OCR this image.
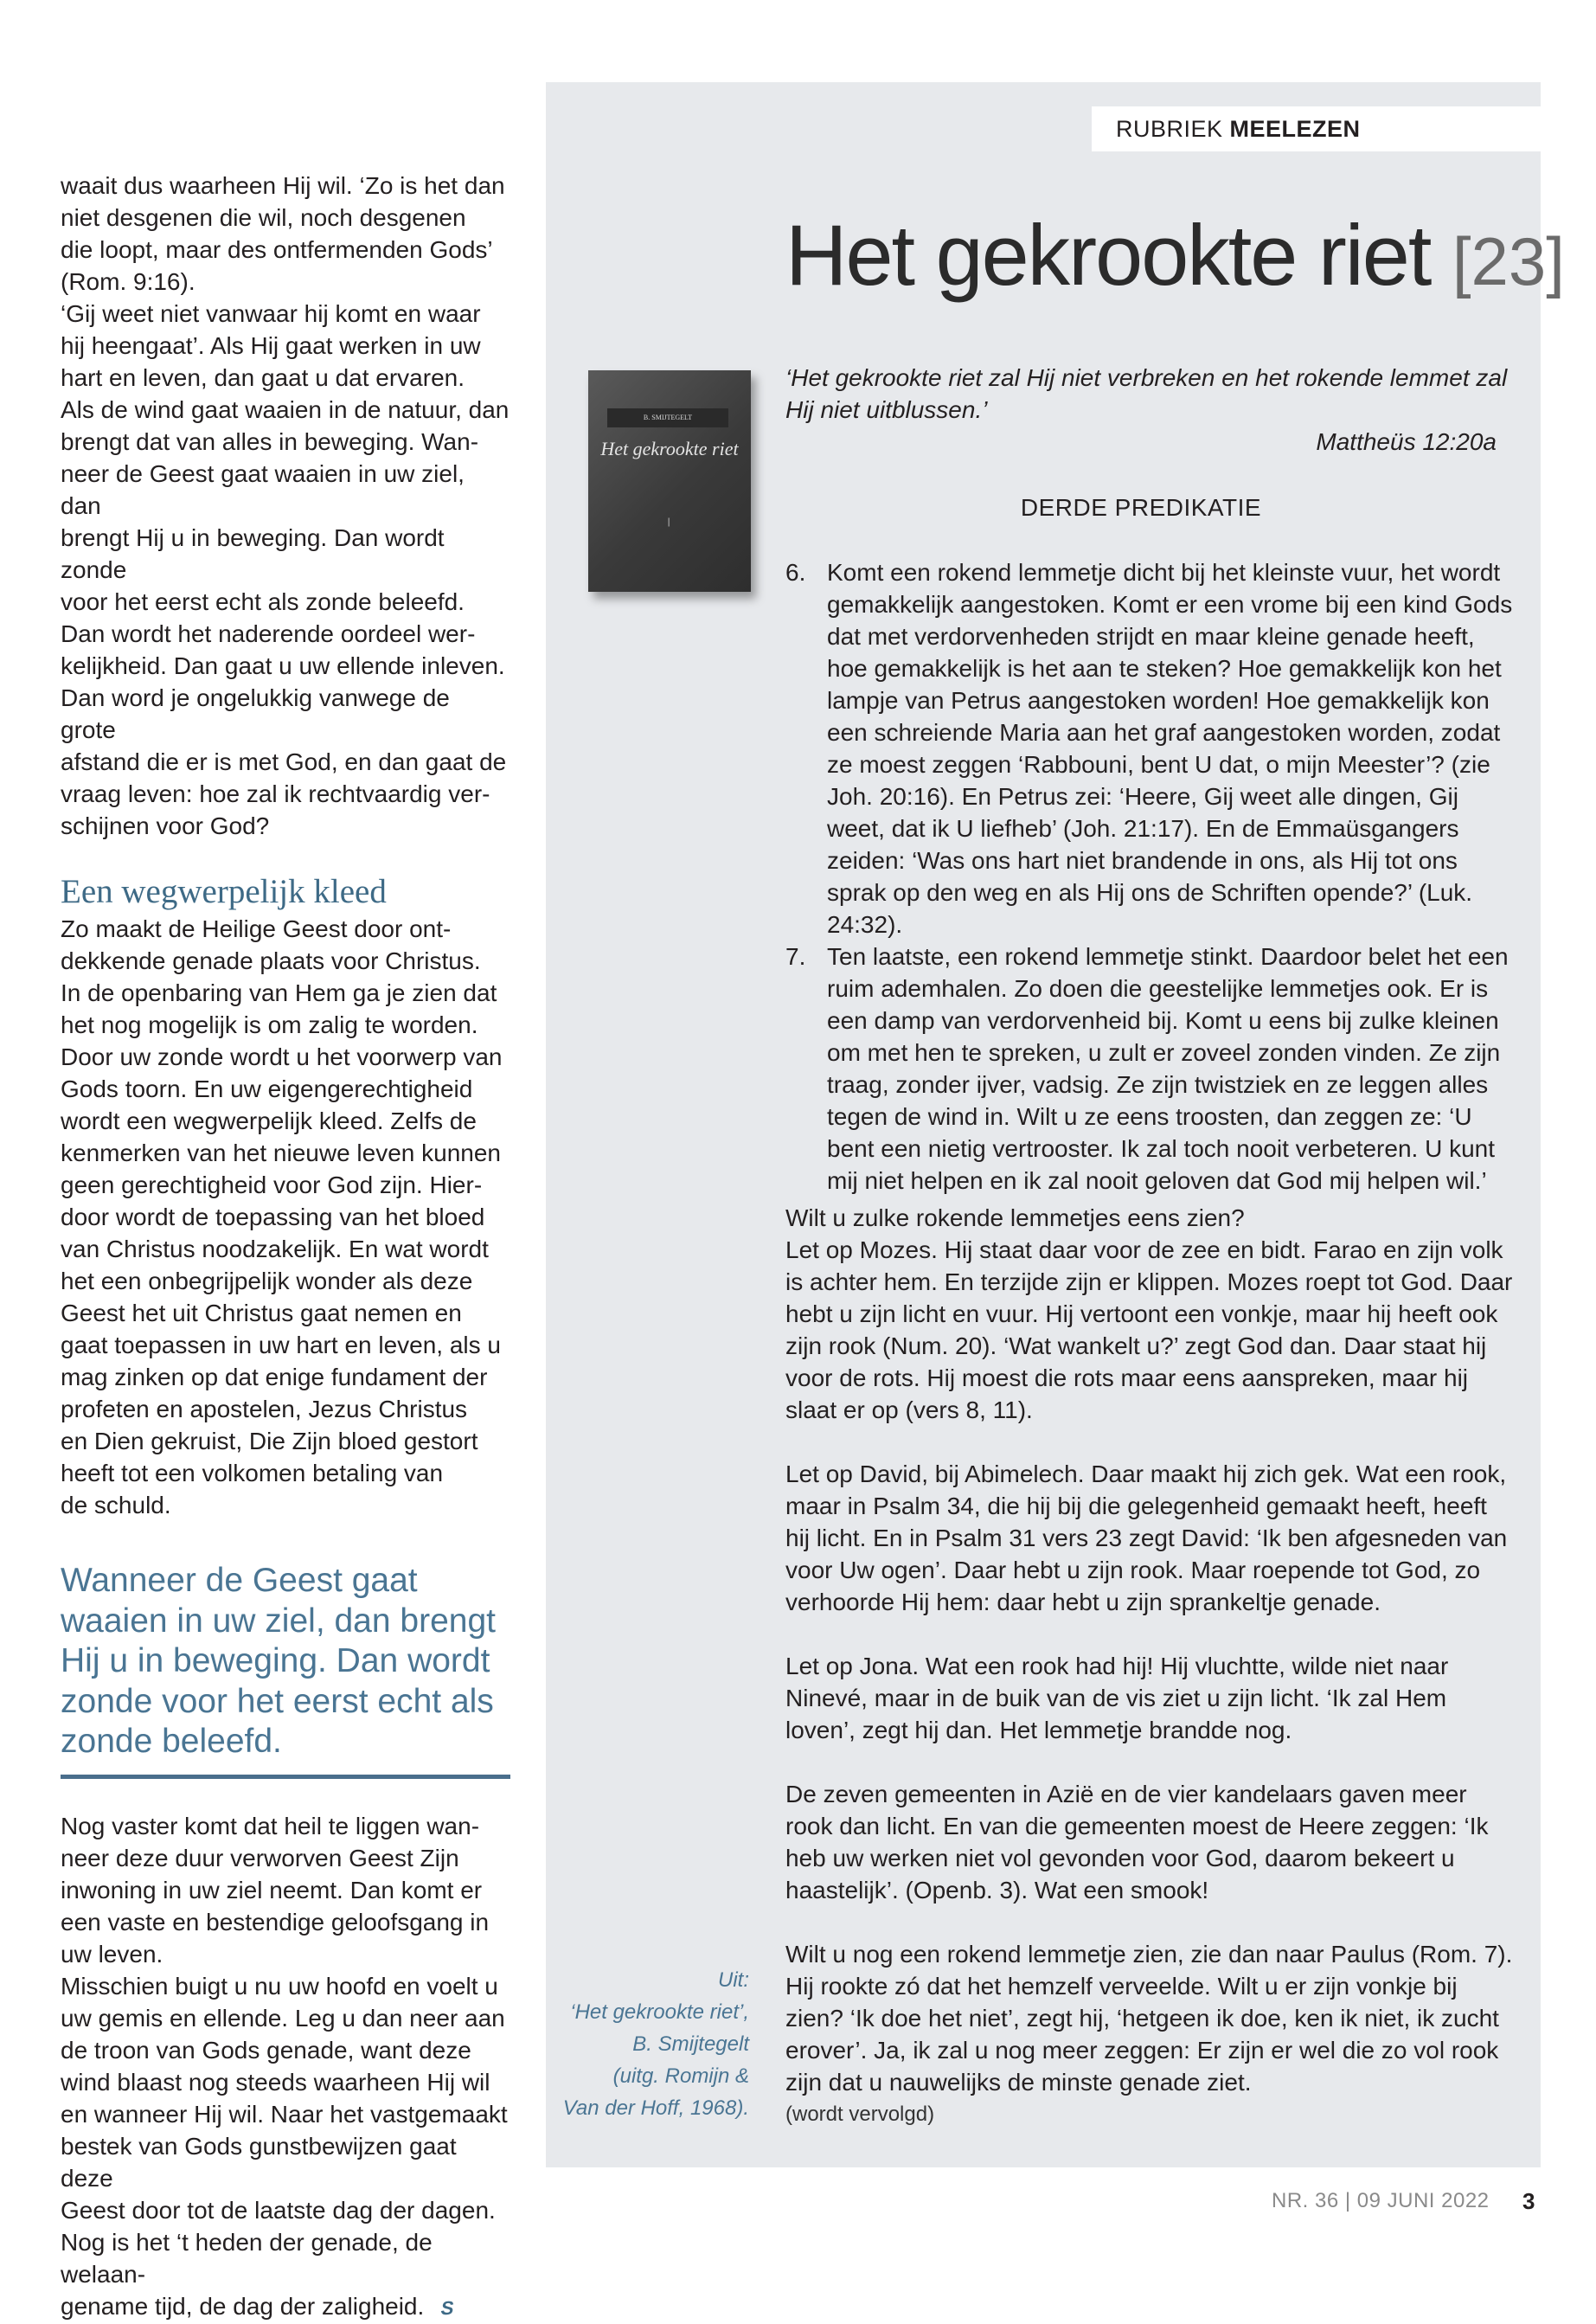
waait dus waarheen Hij wil. ‘Zo is het dan
niet desgenen die wil, noch desgenen
die loopt, maar des ontfermenden Gods’
(Rom. 9:16).
‘Gij weet niet vanwaar hij komt en waar
hij heengaat’. Als Hij gaat werken in uw
hart en leven, dan gaat u dat ervaren.
Als de wind gaat waaien in de natuur, dan
brengt dat van alles in beweging. Wan-
neer de Geest gaat waaien in uw ziel, dan
brengt Hij u in beweging. Dan wordt zonde
voor het eerst echt als zonde beleefd.
Dan wordt het naderende oordeel wer-
kelijkheid. Dan gaat u uw ellende inleven.
Dan word je ongelukkig vanwege de grote
afstand die er is met God, en dan gaat de
vraag leven: hoe zal ik rechtvaardig ver-
schijnen voor God?

Een wegwerpelijk kleed

Zo maakt de Heilige Geest door ont-
dekkende genade plaats voor Christus.
In de openbaring van Hem ga je zien dat
het nog mogelijk is om zalig te worden.
Door uw zonde wordt u het voorwerp van
Gods toorn. En uw eigengerechtigheid
wordt een wegwerpelijk kleed. Zelfs de
kenmerken van het nieuwe leven kunnen
geen gerechtigheid voor God zijn. Hier-
door wordt de toepassing van het bloed
van Christus noodzakelijk. En wat wordt
het een onbegrijpelijk wonder als deze
Geest het uit Christus gaat nemen en
gaat toepassen in uw hart en leven, als u
mag zinken op dat enige fundament der
profeten en apostelen, Jezus Christus
en Dien gekruist, Die Zijn bloed gestort
heeft tot een volkomen betaling van
de schuld.

Wanneer de Geest gaat
waaien in uw ziel, dan brengt
Hij u in beweging. Dan wordt
zonde voor het eerst echt als
zonde beleefd.

Nog vaster komt dat heil te liggen wan-
neer deze duur verworven Geest Zijn
inwoning in uw ziel neemt. Dan komt er
een vaste en bestendige geloofsgang in
uw leven.
Misschien buigt u nu uw hoofd en voelt u
uw gemis en ellende. Leg u dan neer aan
de troon van Gods genade, want deze
wind blaast nog steeds waarheen Hij wil
en wanneer Hij wil. Naar het vastgemaakt
bestek van Gods gunstbewijzen gaat deze
Geest door tot de laatste dag der dagen.
Nog is het ‘t heden der genade, de welaan-
gename tijd, de dag der zaligheid. S

RUBRIEK MEELEZEN
Het gekrookte riet [23]
B. SMIJTEGELT
Het gekrookte riet
❘

‘Het gekrookte riet zal Hij niet verbreken en het rokende lemmet zal Hij niet uitblussen.’

Mattheüs 12:20a
DERDE PREDIKATIE
6. Komt een rokend lemmetje dicht bij het kleinste vuur, het wordt gemakkelijk aangestoken. Komt er een vrome bij een kind Gods dat met verdorvenheden strijdt en maar kleine genade heeft, hoe gemakkelijk is het aan te steken? Hoe gemakkelijk kon het lampje van Petrus aangestoken worden! Hoe gemakkelijk kon een schreiende Maria aan het graf aangestoken worden, zodat ze moest zeggen ‘Rabbouni, bent U dat, o mijn Meester’? (zie Joh. 20:16). En Petrus zei: ‘Heere, Gij weet alle dingen, Gij weet, dat ik U liefheb’ (Joh. 21:17). En de Emmaüsgangers zeiden: ‘Was ons hart niet brandende in ons, als Hij tot ons sprak op den weg en als Hij ons de Schriften opende?’ (Luk. 24:32).
7. Ten laatste, een rokend lemmetje stinkt. Daardoor belet het een ruim ademhalen. Zo doen die geestelijke lemmetjes ook. Er is een damp van verdorvenheid bij. Komt u eens bij zulke kleinen om met hen te spreken, u zult er zoveel zonden vinden. Ze zijn traag, zonder ijver, vadsig. Ze zijn twistziek en ze leggen alles tegen de wind in. Wilt u ze eens troosten, dan zeggen ze: ‘U bent een nietig vertrooster. Ik zal toch nooit verbeteren. U kunt mij niet helpen en ik zal nooit geloven dat God mij helpen wil.’

Wilt u zulke rokende lemmetjes eens zien?
Let op Mozes. Hij staat daar voor de zee en bidt. Farao en zijn volk is achter hem. En terzijde zijn er klippen. Mozes roept tot God. Daar hebt u zijn licht en vuur. Hij vertoont een vonkje, maar hij heeft ook zijn rook (Num. 20). ‘Wat wankelt u?’ zegt God dan. Daar staat hij voor de rots. Hij moest die rots maar eens aanspreken, maar hij slaat er op (vers 8, 11).

Let op David, bij Abimelech. Daar maakt hij zich gek. Wat een rook, maar in Psalm 34, die hij bij die gelegenheid gemaakt heeft, heeft hij licht. En in Psalm 31 vers 23 zegt David: ‘Ik ben afgesneden van voor Uw ogen’. Daar hebt u zijn rook. Maar roepende tot God, zo verhoorde Hij hem: daar hebt u zijn sprankeltje genade.

Let op Jona. Wat een rook had hij! Hij vluchtte, wilde niet naar Ninevé, maar in de buik van de vis ziet u zijn licht. ‘Ik zal Hem loven’, zegt hij dan. Het lemmetje brandde nog.

De zeven gemeenten in Azië en de vier kandelaars gaven meer rook dan licht. En van die gemeenten moest de Heere zeggen: ‘Ik heb uw werken niet vol gevonden voor God, daarom bekeert u haastelijk’. (Openb. 3). Wat een smook!

Wilt u nog een rokend lemmetje zien, zie dan naar Paulus (Rom. 7). Hij rookte zó dat het hemzelf verveelde. Wilt u er zijn vonkje bij zien? ‘Ik doe het niet’, zegt hij, ‘hetgeen ik doe, ken ik niet, ik zucht erover’. Ja, ik zal u nog meer zeggen: Er zijn er wel die zo vol rook zijn dat u nauwelijks de minste genade ziet.

(wordt vervolgd)
Uit:
‘Het gekrookte riet’,
B. Smijtegelt
(uitg. Romijn &
Van der Hoff, 1968).
NR. 36 | 09 JUNI 2022 3
